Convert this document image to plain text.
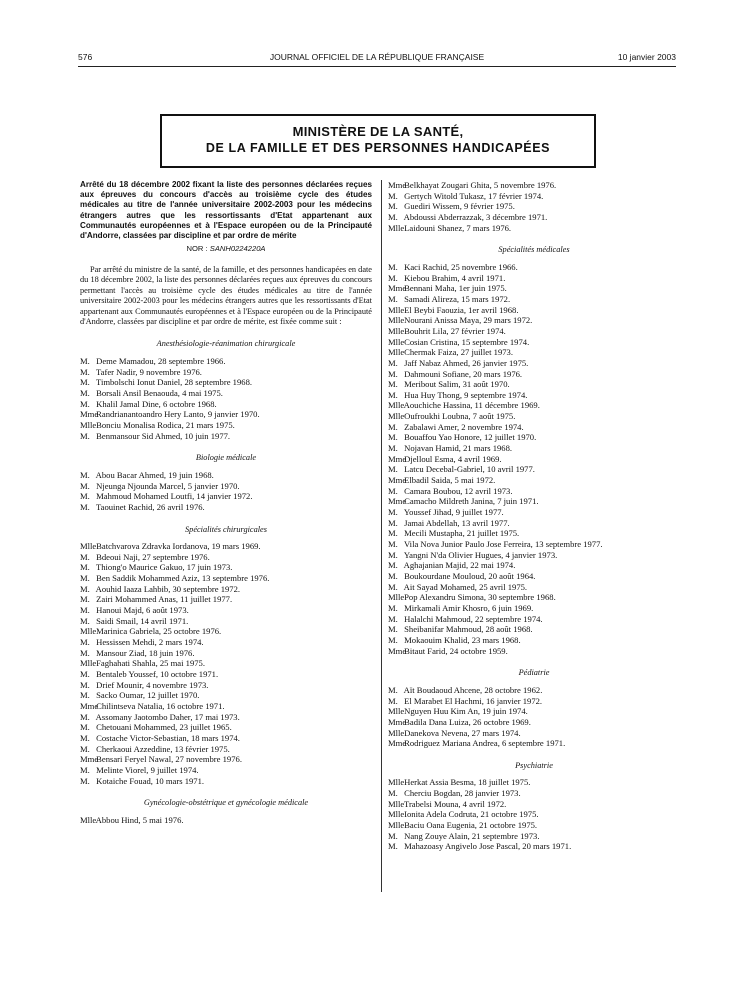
576	JOURNAL OFFICIEL DE LA RÉPUBLIQUE FRANÇAISE	10 janvier 2003
MINISTÈRE DE LA SANTÉ,
DE LA FAMILLE ET DES PERSONNES HANDICAPÉES
Arrêté du 18 décembre 2002 fixant la liste des personnes déclarées reçues aux épreuves du concours d'accès au troisième cycle des études médicales au titre de l'année universitaire 2002-2003 pour les médecins étrangers autres que les ressortissants d'Etat appartenant aux Communautés européennes et à l'Espace européen ou de la Principauté d'Andorre, classées par discipline et par ordre de mérite
NOR : SANH0224220A
Par arrêté du ministre de la santé, de la famille, et des personnes handicapées en date du 18 décembre 2002, la liste des personnes déclarées reçues aux épreuves du concours permettant l'accès au troisième cycle des études médicales au titre de l'année universitaire 2002-2003 pour les médecins étrangers autres que les ressortissants d'Etat appartenant aux Communautés européennes et à l'Espace européen ou de la Principauté d'Andorre, classées par discipline et par ordre de mérite, est fixée comme suit :
Anesthésiologie-réanimation chirurgicale
M. Deme Mamadou, 28 septembre 1966.
M. Tafer Nadir, 9 novembre 1976.
M. Timbolschi Ionut Daniel, 28 septembre 1968.
M. Borsali Ansil Benaouda, 4 mai 1975.
M. Khalil Jamal Dine, 6 octobre 1968.
Mme Randrianantoandro Hery Lanto, 9 janvier 1970.
Mlle Bonciu Monalisa Rodica, 21 mars 1975.
M. Benmansour Sid Ahmed, 10 juin 1977.
Biologie médicale
M. Abou Bacar Ahmed, 19 juin 1968.
M. Njeunga Njounda Marcel, 5 janvier 1970.
M. Mahmoud Mohamed Loutfi, 14 janvier 1972.
M. Taouinet Rachid, 26 avril 1976.
Spécialités chirurgicales
Mlle Batchvarova Zdravka Iordanova, 19 mars 1969.
M. Bdeoui Naji, 27 septembre 1976.
M. Thiong'o Maurice Gakuo, 17 juin 1973.
M. Ben Saddik Mohammed Aziz, 13 septembre 1976.
M. Aouhid Iaaza Lahbib, 30 septembre 1972.
M. Zairi Mohammed Anas, 11 juillet 1977.
M. Hanoui Majd, 6 août 1973.
M. Saidi Smail, 14 avril 1971.
Mlle Marinica Gabriela, 25 octobre 1976.
M. Hessissen Mehdi, 2 mars 1974.
M. Mansour Ziad, 18 juin 1976.
Mlle Faghahati Shahla, 25 mai 1975.
M. Bentaleb Youssef, 10 octobre 1971.
M. Drief Mounir, 4 novembre 1973.
M. Sacko Oumar, 12 juillet 1970.
Mme Chilintseva Natalia, 16 octobre 1971.
M. Assomany Jaotombo Daher, 17 mai 1973.
M. Chetouani Mohammed, 23 juillet 1965.
M. Costache Victor-Sebastian, 18 mars 1974.
M. Cherkaoui Azzeddine, 13 février 1975.
Mme Bensari Feryel Nawal, 27 novembre 1976.
M. Melinte Viorel, 9 juillet 1974.
M. Kotaiche Fouad, 10 mars 1971.
Gynécologie-obstétrique et gynécologie médicale
Mlle Abbou Hind, 5 mai 1976.
Mme Belkhayat Zougari Ghita, 5 novembre 1976.
M. Gertych Witold Tukasz, 17 février 1974.
M. Guediri Wissem, 9 février 1975.
M. Abdoussi Abderrazzak, 3 décembre 1971.
Mlle Laidouni Shanez, 7 mars 1976.
Spécialités médicales
M. Kaci Rachid, 25 novembre 1966.
M. Kiebou Brahim, 4 avril 1971.
Mme Bennani Maha, 1er juin 1975.
M. Samadi Alireza, 15 mars 1972.
Mlle El Beybi Faouzia, 1er avril 1968.
Mlle Nourani Anissa Maya, 29 mars 1972.
Mlle Bouhrit Lila, 27 février 1974.
Mlle Cosian Cristina, 15 septembre 1974.
Mlle Chermak Faiza, 27 juillet 1973.
M. Jaff Nabaz Ahmed, 26 janvier 1975.
M. Dahmouni Sofiane, 20 mars 1976.
M. Meribout Salim, 31 août 1970.
M. Hua Huy Thong, 9 septembre 1974.
Mlle Aouchiche Hassina, 11 décembre 1969.
Mlle Oufroukhi Loubna, 7 août 1975.
M. Zabalawi Amer, 2 novembre 1974.
M. Bouaffou Yao Honore, 12 juillet 1970.
M. Nojavan Hamid, 21 mars 1968.
Mme Djelloul Esma, 4 avril 1969.
M. Latcu Decebal-Gabriel, 10 avril 1977.
Mme Elbadil Saida, 5 mai 1972.
M. Camara Boubou, 12 avril 1973.
Mme Camacho Mildreth Janina, 7 juin 1971.
M. Youssef Jihad, 9 juillet 1977.
M. Jamai Abdellah, 13 avril 1977.
M. Mecili Mustapha, 21 juillet 1975.
M. Vila Nova Junior Paulo Jose Ferreira, 13 septembre 1977.
M. Yangni N'da Olivier Hugues, 4 janvier 1973.
M. Aghajanian Majid, 22 mai 1974.
M. Boukourdane Mouloud, 20 août 1964.
M. Ait Sayad Mohamed, 25 avril 1975.
Mlle Pop Alexandru Simona, 30 septembre 1968.
M. Mirkamali Amir Khosro, 6 juin 1969.
M. Halalchi Mahmoud, 22 septembre 1974.
M. Sheibanifar Mahmoud, 28 août 1968.
M. Mokaouim Khalid, 23 mars 1968.
Mme Bitaut Farid, 24 octobre 1959.
Pédiatrie
M. Aït Boudaoud Ahcene, 28 octobre 1962.
M. El Marabet El Hachmi, 16 janvier 1972.
Mlle Nguyen Huu Kim An, 19 juin 1974.
Mme Badila Dana Luiza, 26 octobre 1969.
Mlle Danekova Nevena, 27 mars 1974.
Mme Rodriguez Mariana Andrea, 6 septembre 1971.
Psychiatrie
Mlle Herkat Assia Besma, 18 juillet 1975.
M. Cherciu Bogdan, 28 janvier 1973.
Mlle Trabelsi Mouna, 4 avril 1972.
Mlle Ionita Adela Codruta, 21 octobre 1975.
Mlle Baciu Oana Eugenia, 21 octobre 1975.
M. Nang Zouye Alain, 21 septembre 1973.
M. Mahazoasy Angivelo Jose Pascal, 20 mars 1971.
